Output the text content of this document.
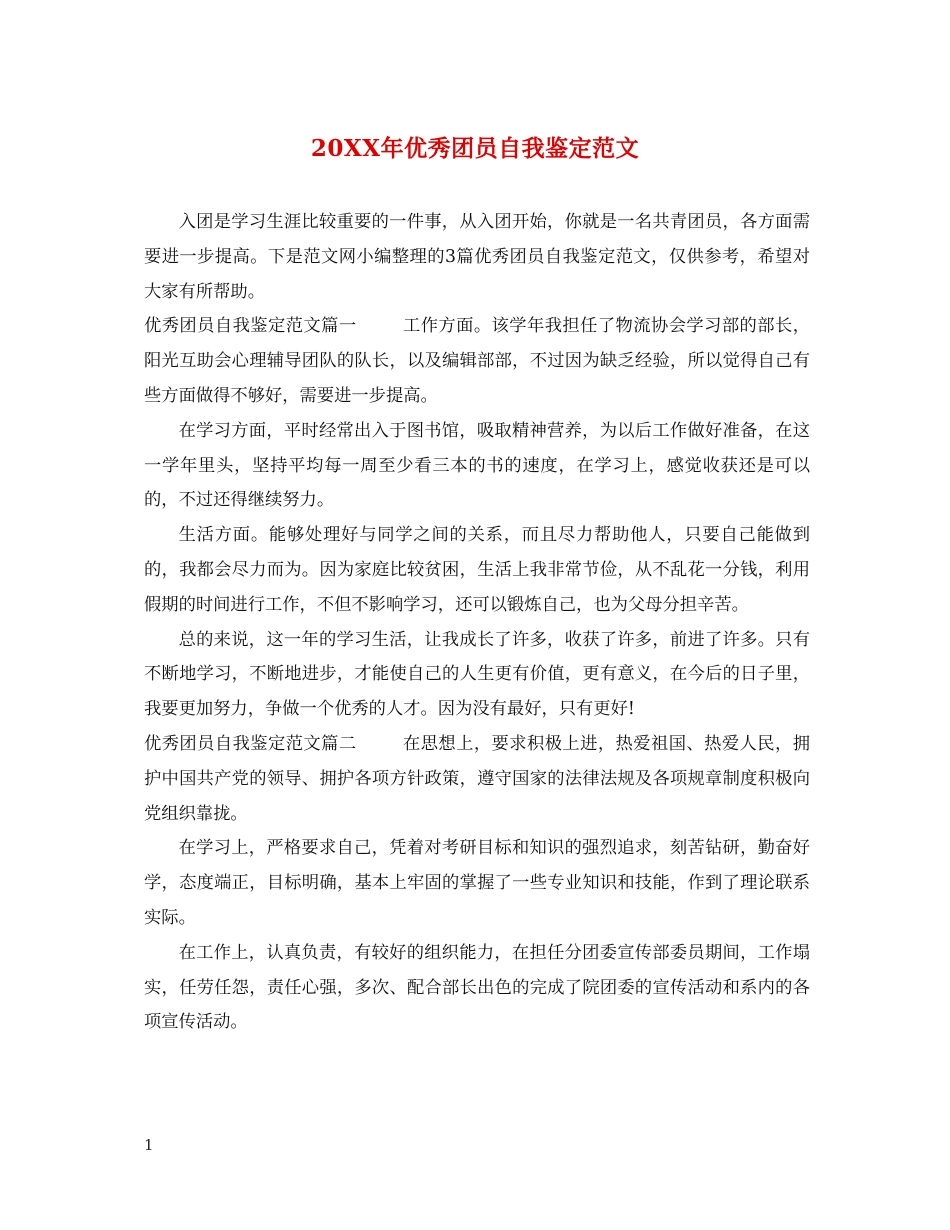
20XX年优秀团员自我鉴定范文

入团是学习生涯比较重要的一件事，从入团开始，你就是一名共青团员，各方面需要进一步提高。下是范文网小编整理的3篇优秀团员自我鉴定范文，仅供参考，希望对大家有所帮助。

优秀团员自我鉴定范文篇一	工作方面。该学年我担任了物流协会学习部的部长，阳光互助会心理辅导团队的队长，以及编辑部部，不过因为缺乏经验，所以觉得自己有些方面做得不够好，需要进一步提高。

在学习方面，平时经常出入于图书馆，吸取精神营养，为以后工作做好准备，在这一学年里头，坚持平均每一周至少看三本的书的速度，在学习上，感觉收获还是可以的，不过还得继续努力。

生活方面。能够处理好与同学之间的关系，而且尽力帮助他人，只要自己能做到的，我都会尽力而为。因为家庭比较贫困，生活上我非常节俭，从不乱花一分钱，利用假期的时间进行工作，不但不影响学习，还可以锻炼自己，也为父母分担辛苦。

总的来说，这一年的学习生活，让我成长了许多，收获了许多，前进了许多。只有不断地学习，不断地进步，才能使自己的人生更有价值，更有意义，在今后的日子里，我要更加努力，争做一个优秀的人才。因为没有最好，只有更好!

优秀团员自我鉴定范文篇二	在思想上，要求积极上进，热爱祖国、热爱人民，拥护中国共产党的领导、拥护各项方针政策，遵守国家的法律法规及各项规章制度积极向党组织靠拢。

在学习上，严格要求自己，凭着对考研目标和知识的强烈追求，刻苦钻研，勤奋好学，态度端正，目标明确，基本上牢固的掌握了一些专业知识和技能，作到了理论联系实际。

在工作上，认真负责，有较好的组织能力，在担任分团委宣传部委员期间，工作塌实，任劳任怨，责任心强，多次、配合部长出色的完成了院团委的宣传活动和系内的各项宣传活动。

1
